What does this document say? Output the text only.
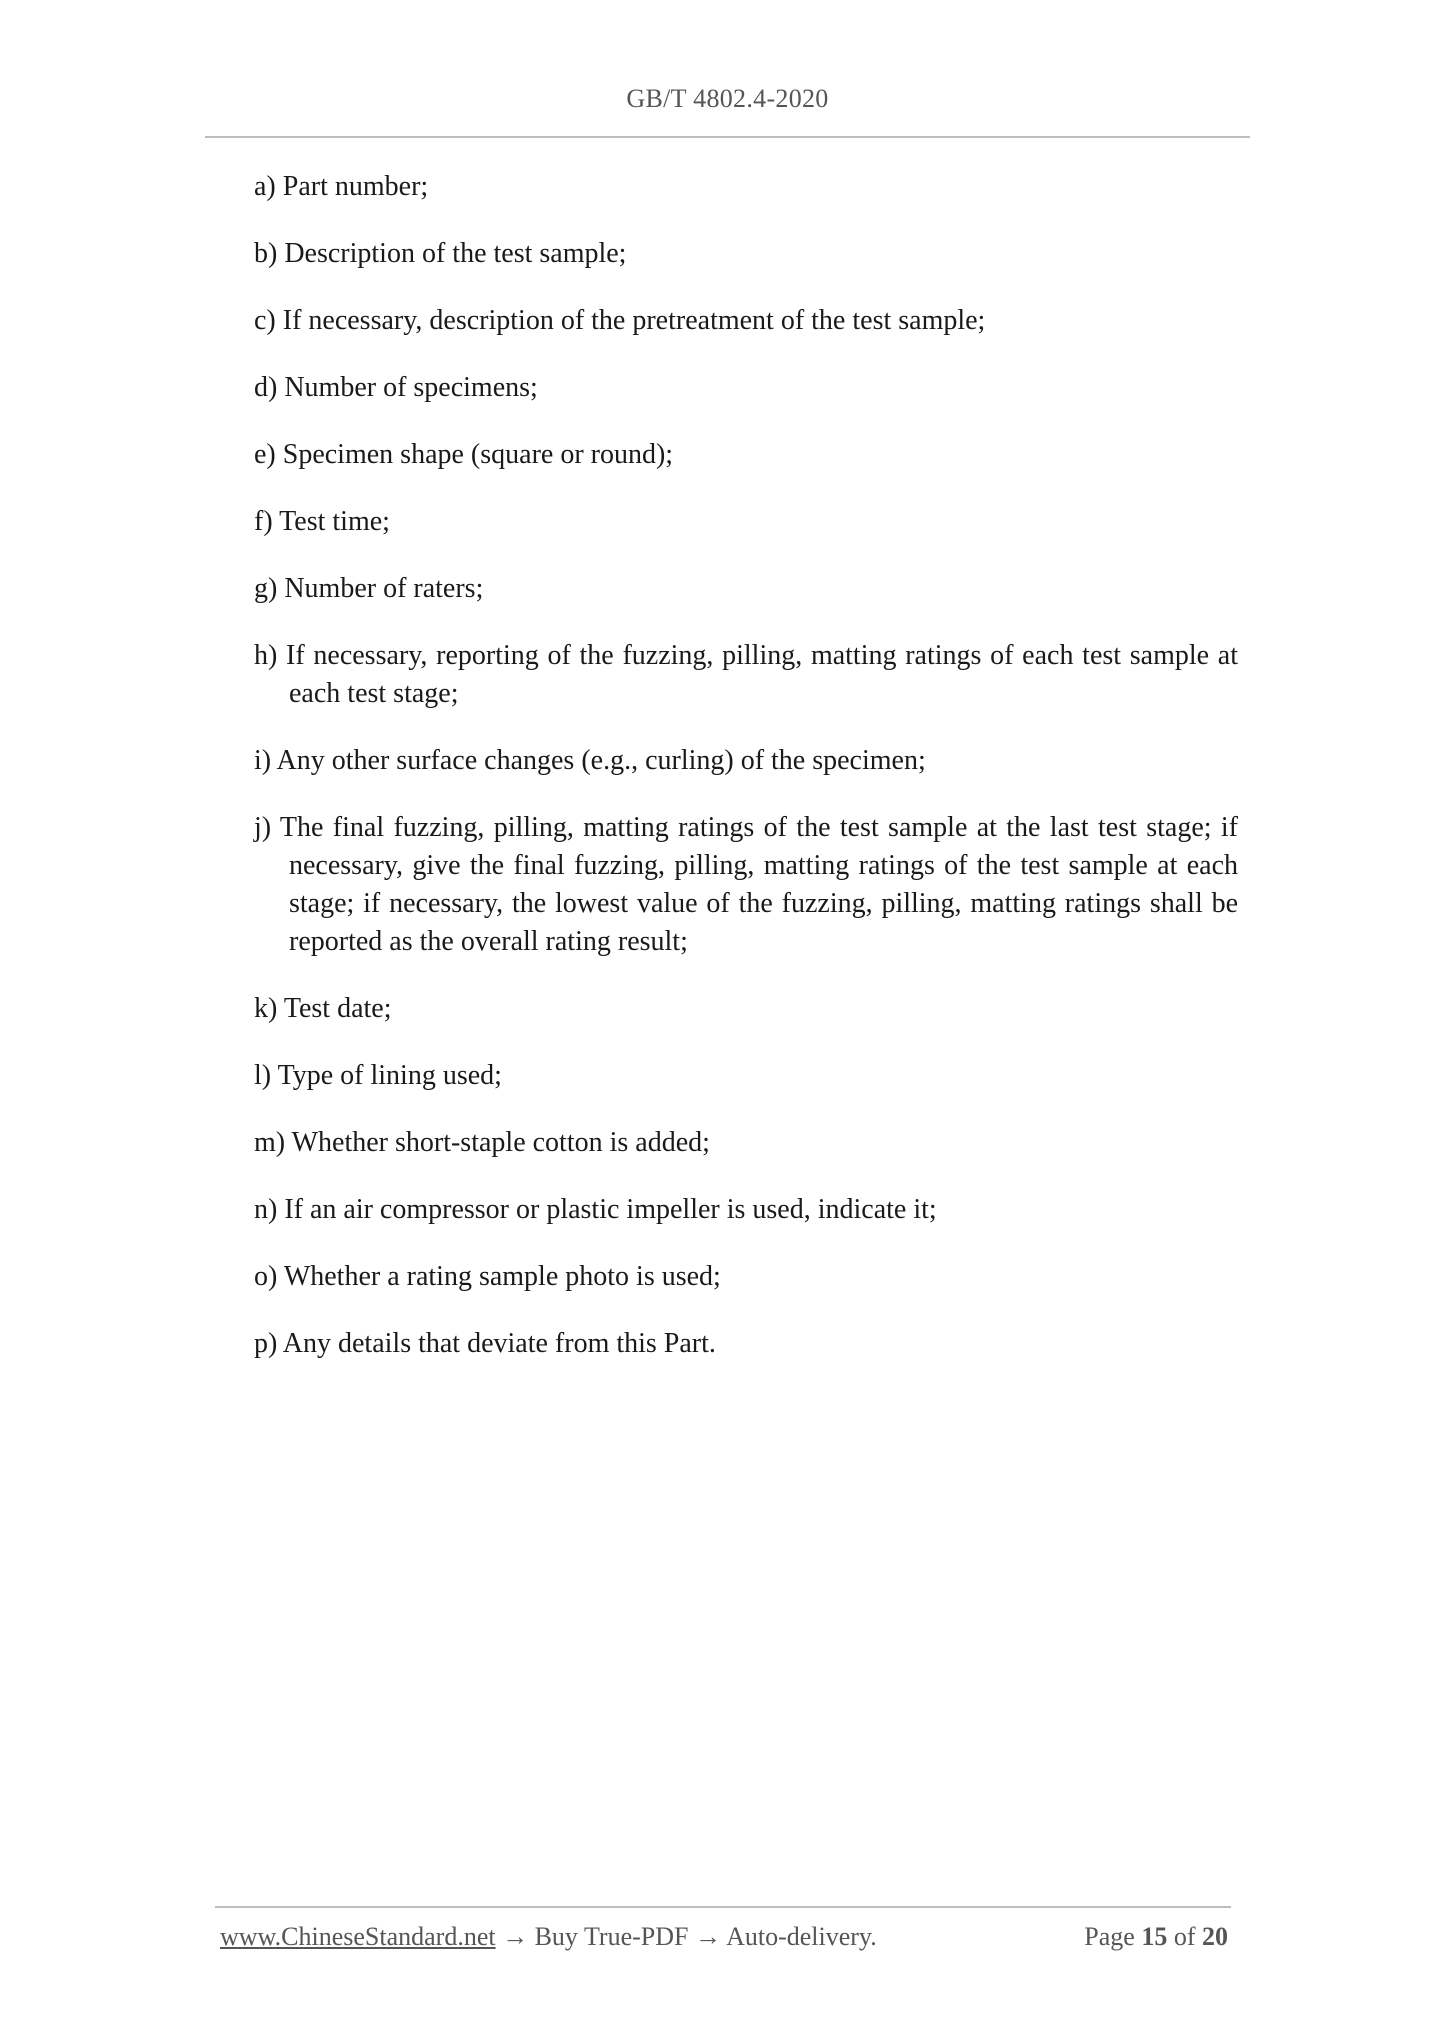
GB/T 4802.4-2020
a) Part number;
b) Description of the test sample;
c) If necessary, description of the pretreatment of the test sample;
d) Number of specimens;
e) Specimen shape (square or round);
f) Test time;
g) Number of raters;
h) If necessary, reporting of the fuzzing, pilling, matting ratings of each test sample at each test stage;
i) Any other surface changes (e.g., curling) of the specimen;
j) The final fuzzing, pilling, matting ratings of the test sample at the last test stage; if necessary, give the final fuzzing, pilling, matting ratings of the test sample at each stage; if necessary, the lowest value of the fuzzing, pilling, matting ratings shall be reported as the overall rating result;
k) Test date;
l) Type of lining used;
m) Whether short-staple cotton is added;
n) If an air compressor or plastic impeller is used, indicate it;
o) Whether a rating sample photo is used;
p) Any details that deviate from this Part.
www.ChineseStandard.net → Buy True-PDF → Auto-delivery.	Page 15 of 20
